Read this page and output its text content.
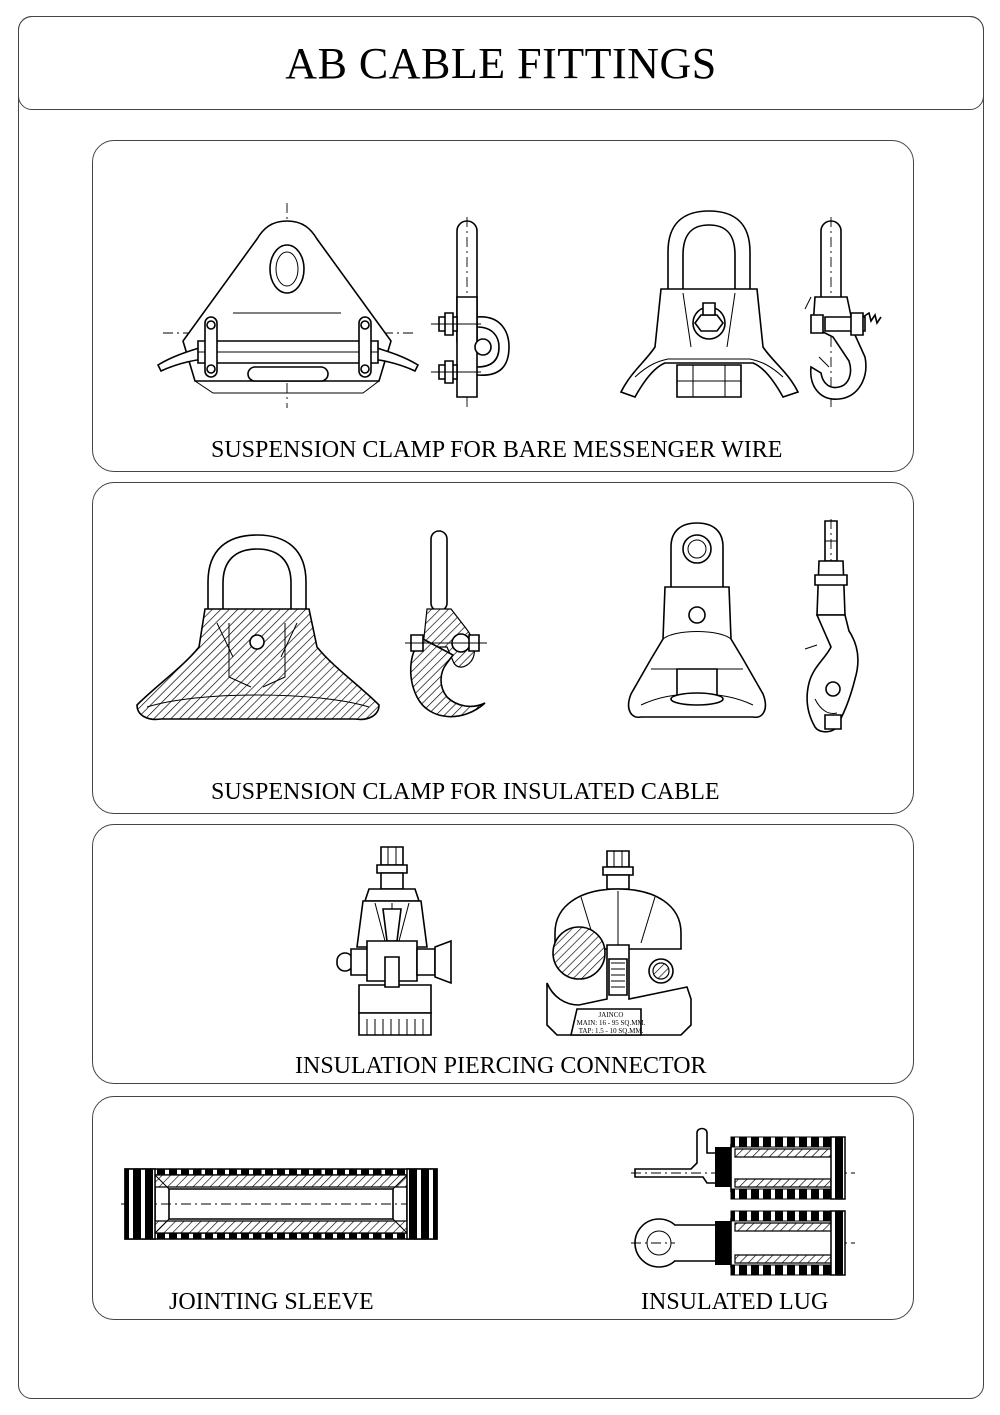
AB CABLE FITTINGS
SUSPENSION CLAMP FOR BARE MESSENGER WIRE
SUSPENSION CLAMP FOR INSULATED CABLE
JAINCO
MAIN: 16 - 95 SQ.MM.
TAP: 1.5 - 10 SQ.MM.
INSULATION PIERCING CONNECTOR
JOINTING SLEEVE	INSULATED LUG
